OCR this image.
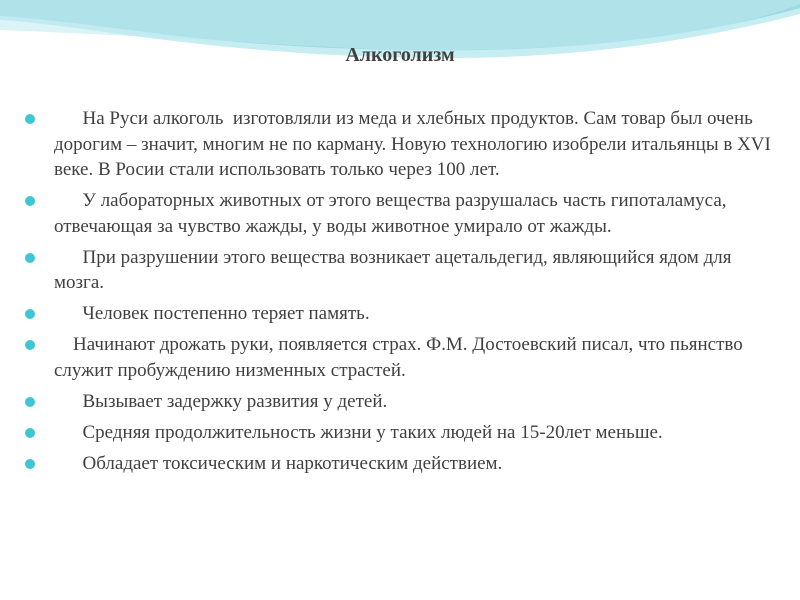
Алкоголизм
На Руси алкоголь  изготовляли из меда и хлебных продуктов. Сам товар был очень дорогим – значит, многим не по карману. Новую технологию изобрели итальянцы в XVI веке. В Росии стали использовать только через 100 лет.
У лабораторных животных от этого вещества разрушалась часть гипоталамуса, отвечающая за чувство жажды, у воды животное умирало от жажды.
При разрушении этого вещества возникает ацетальдегид, являющийся ядом для мозга.
Человек постепенно теряет память.
Начинают дрожать руки, появляется страх. Ф.М. Достоевский писал, что пьянство служит пробуждению низменных страстей.
Вызывает задержку развития у детей.
Средняя продолжительность жизни у таких людей на 15-20лет меньше.
Обладает токсическим и наркотическим действием.
